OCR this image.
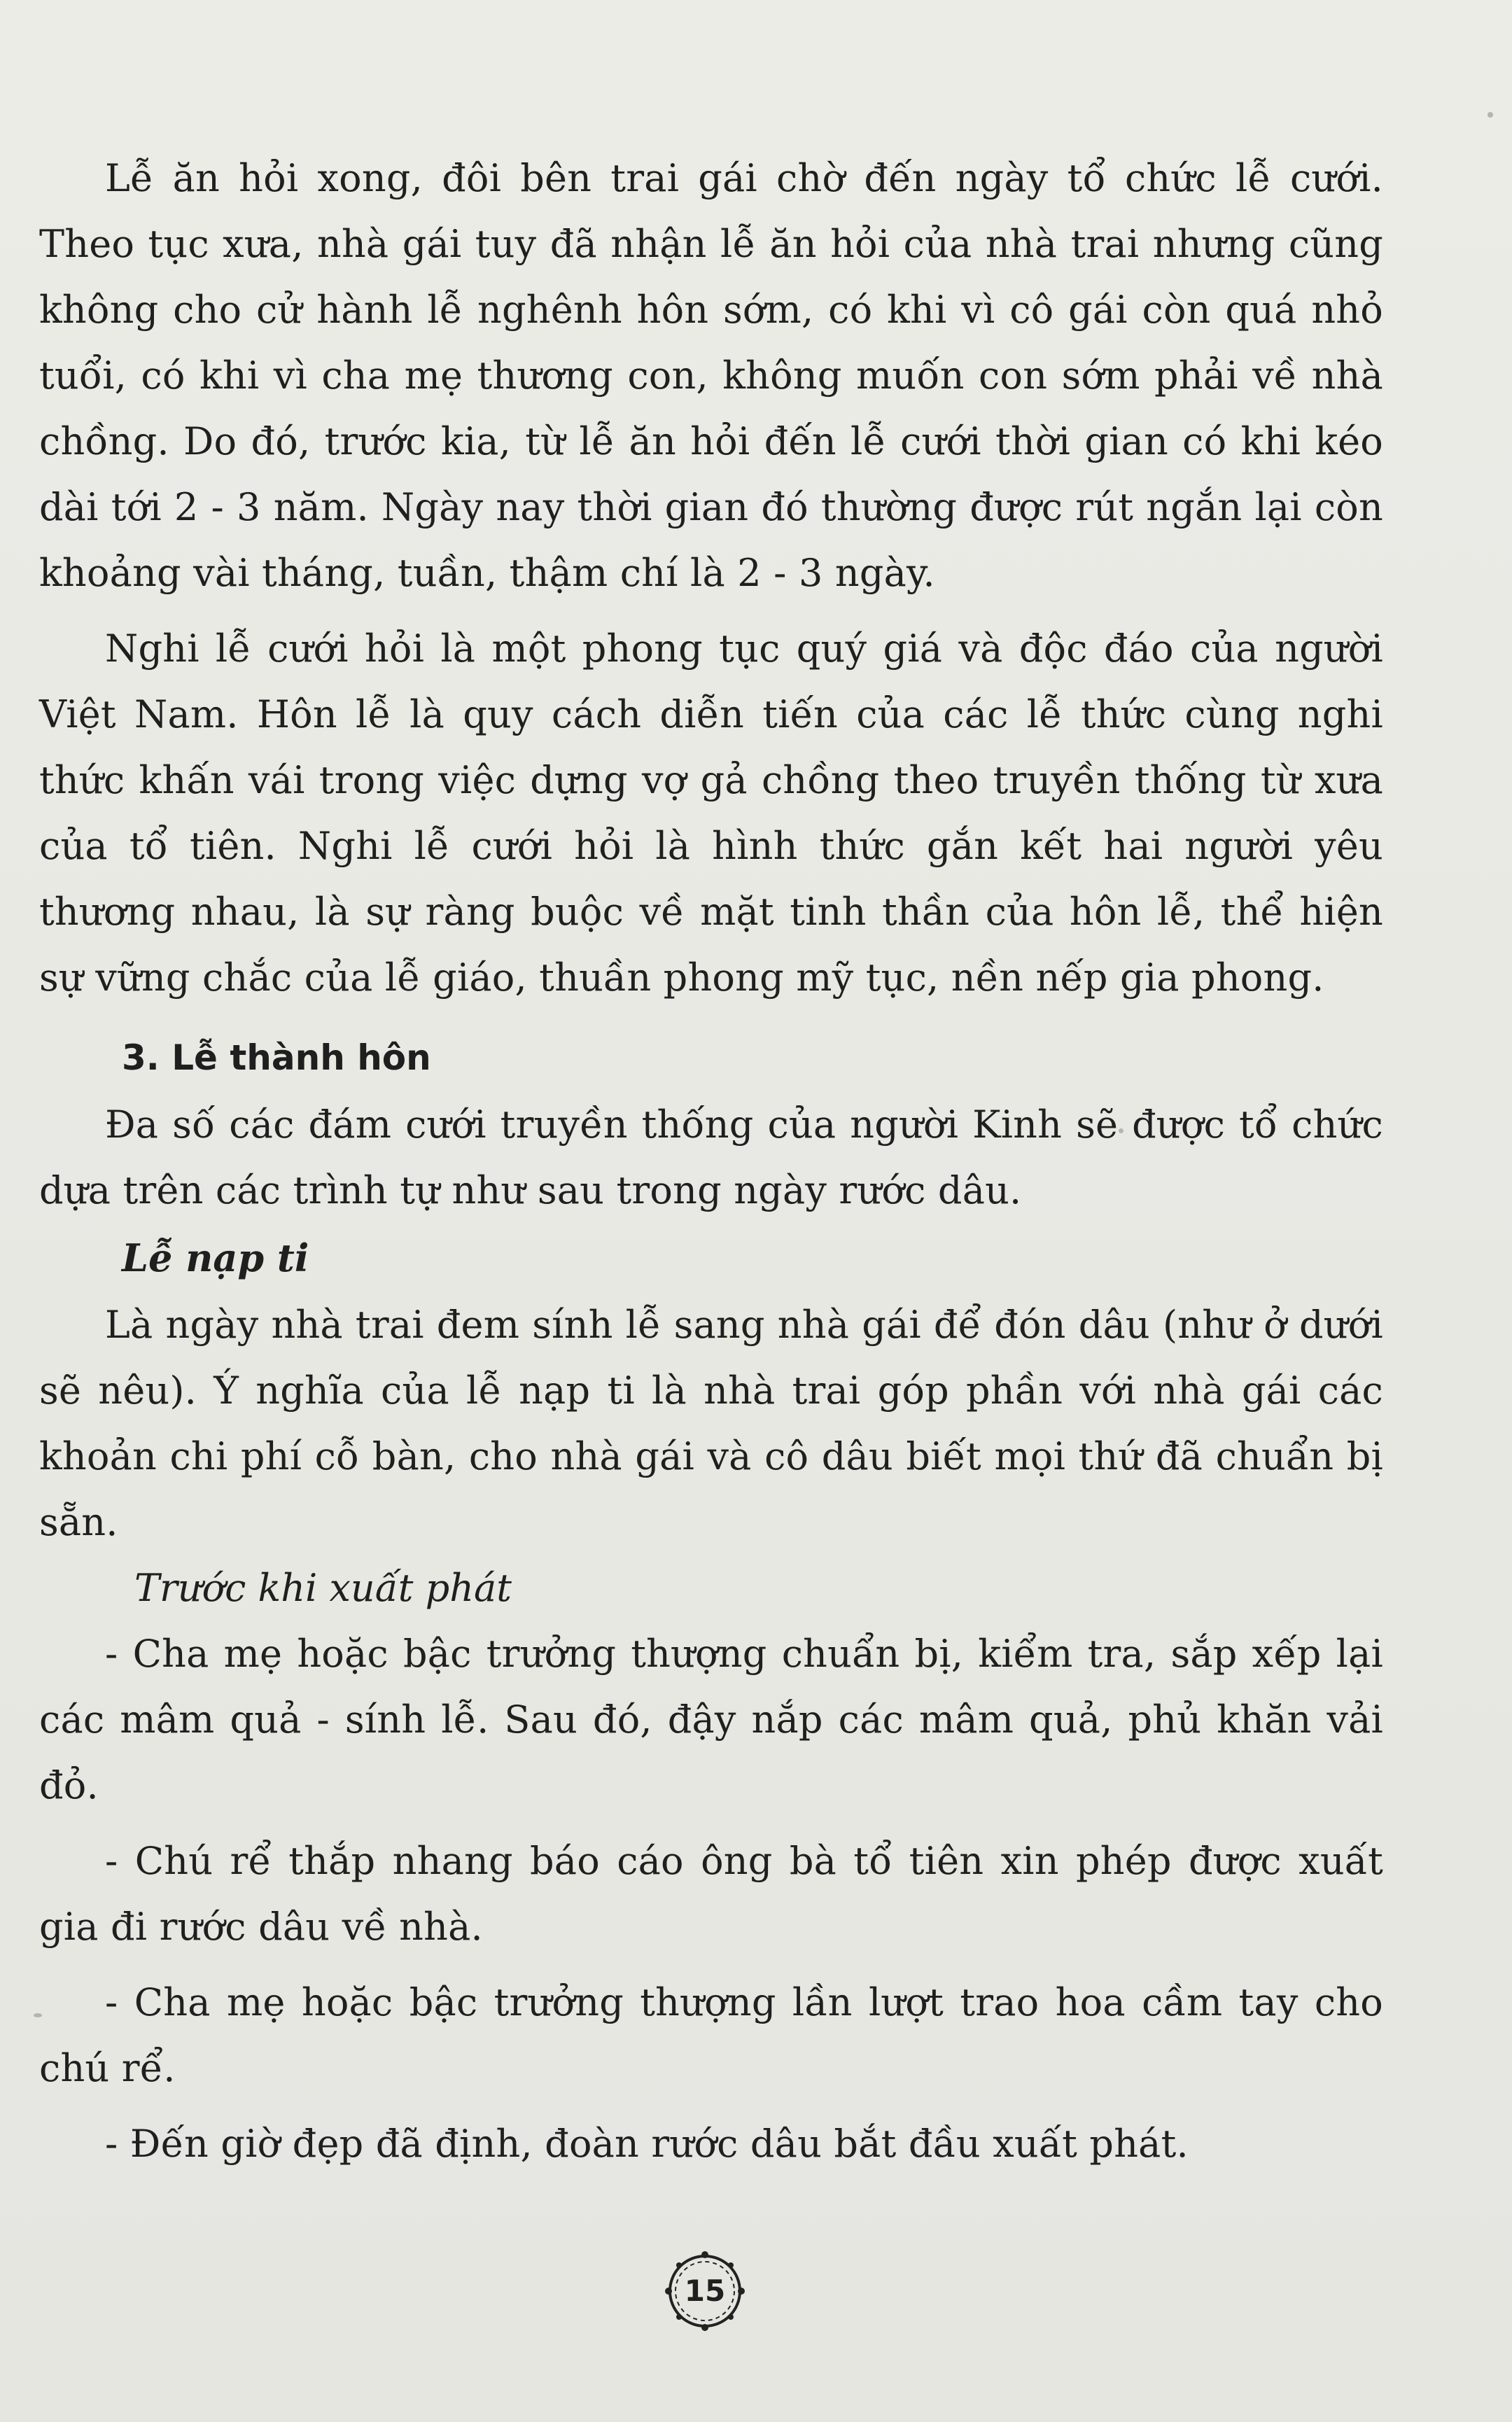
Lễ ăn hỏi xong, đôi bên trai gái chờ đến ngày tổ chức lễ cưới. Theo tục xưa, nhà gái tuy đã nhận lễ ăn hỏi của nhà trai nhưng cũng không cho cử hành lễ nghênh hôn sớm, có khi vì cô gái còn quá nhỏ tuổi, có khi vì cha mẹ thương con, không muốn con sớm phải về nhà chồng. Do đó, trước kia, từ lễ ăn hỏi đến lễ cưới thời gian có khi kéo dài tới 2 - 3 năm. Ngày nay thời gian đó thường được rút ngắn lại còn khoảng vài tháng, tuần, thậm chí là 2 - 3 ngày.

Nghi lễ cưới hỏi là một phong tục quý giá và độc đáo của người Việt Nam. Hôn lễ là quy cách diễn tiến của các lễ thức cùng nghi thức khấn vái trong việc dựng vợ gả chồng theo truyền thống từ xưa của tổ tiên. Nghi lễ cưới hỏi là hình thức gắn kết hai người yêu thương nhau, là sự ràng buộc về mặt tinh thần của hôn lễ, thể hiện sự vững chắc của lễ giáo, thuần phong mỹ tục, nền nếp gia phong.

3. Lễ thành hôn

Đa số các đám cưới truyền thống của người Kinh sẽ được tổ chức dựa trên các trình tự như sau trong ngày rước dâu.

Lễ nạp ti

Là ngày nhà trai đem sính lễ sang nhà gái để đón dâu (như ở dưới sẽ nêu). Ý nghĩa của lễ nạp ti là nhà trai góp phần với nhà gái các khoản chi phí cỗ bàn, cho nhà gái và cô dâu biết mọi thứ đã chuẩn bị sẵn.

Trước khi xuất phát

- Cha mẹ hoặc bậc trưởng thượng chuẩn bị, kiểm tra, sắp xếp lại các mâm quả - sính lễ. Sau đó, đậy nắp các mâm quả, phủ khăn vải đỏ.

- Chú rể thắp nhang báo cáo ông bà tổ tiên xin phép được xuất gia đi rước dâu về nhà.

- Cha mẹ hoặc bậc trưởng thượng lần lượt trao hoa cầm tay cho chú rể.

- Đến giờ đẹp đã định, đoàn rước dâu bắt đầu xuất phát.

15
